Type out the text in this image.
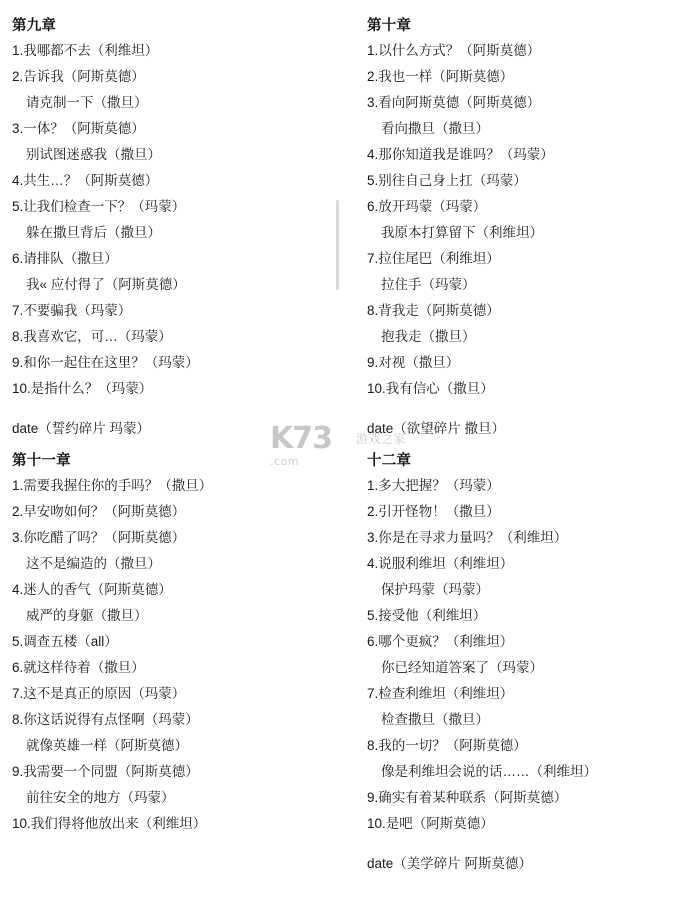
第九章
1.我哪都不去（利维坦）
2.告诉我（阿斯莫德）
请克制一下（撒旦）
3.一体？（阿斯莫德）
别试图迷惑我（撒旦）
4.共生…？（阿斯莫德）
5.让我们检查一下？（玛蒙）
躲在撒旦背后（撒旦）
6.请排队（撒旦）
我« 应付得了（阿斯莫德）
7.不要骗我（玛蒙）
8.我喜欢它，可…（玛蒙）
9.和你一起住在这里？（玛蒙）
10.是指什么？（玛蒙）
date（誓约碎片 玛蒙）
第十一章
1.需要我握住你的手吗？（撒旦）
2.早安吻如何？（阿斯莫德）
3.你吃醋了吗？（阿斯莫德）
这不是编造的（撒旦）
4.迷人的香气（阿斯莫德）
威严的身躯（撒旦）
5.调查五楼（all）
6.就这样待着（撒旦）
7.这不是真正的原因（玛蒙）
8.你这话说得有点怪啊（玛蒙）
就像英雄一样（阿斯莫德）
9.我需要一个同盟（阿斯莫德）
前往安全的地方（玛蒙）
10.我们得将他放出来（利维坦）
第十章
1.以什么方式？（阿斯莫德）
2.我也一样（阿斯莫德）
3.看向阿斯莫德（阿斯莫德）
看向撒旦（撒旦）
4.那你知道我是谁吗？（玛蒙）
5.别往自己身上扛（玛蒙）
6.放开玛蒙（玛蒙）
我原本打算留下（利维坦）
7.拉住尾巴（利维坦）
拉住手（玛蒙）
8.背我走（阿斯莫德）
抱我走（撒旦）
9.对视（撒旦）
10.我有信心（撒旦）
date（欲望碎片 撒旦）
十二章
1.多大把握？（玛蒙）
2.引开怪物！（撒旦）
3.你是在寻求力量吗？（利维坦）
4.说服利维坦（利维坦）
保护玛蒙（玛蒙）
5.接受他（利维坦）
6.哪个更疯？（利维坦）
你已经知道答案了（玛蒙）
7.检查利维坦（利维坦）
检查撒旦（撒旦）
8.我的一切？（阿斯莫德）
像是利维坦会说的话……（利维坦）
9.确实有着某种联系（阿斯莫德）
10.是吧（阿斯莫德）
date（美学碎片 阿斯莫德）
K73
.com
游戏之家
